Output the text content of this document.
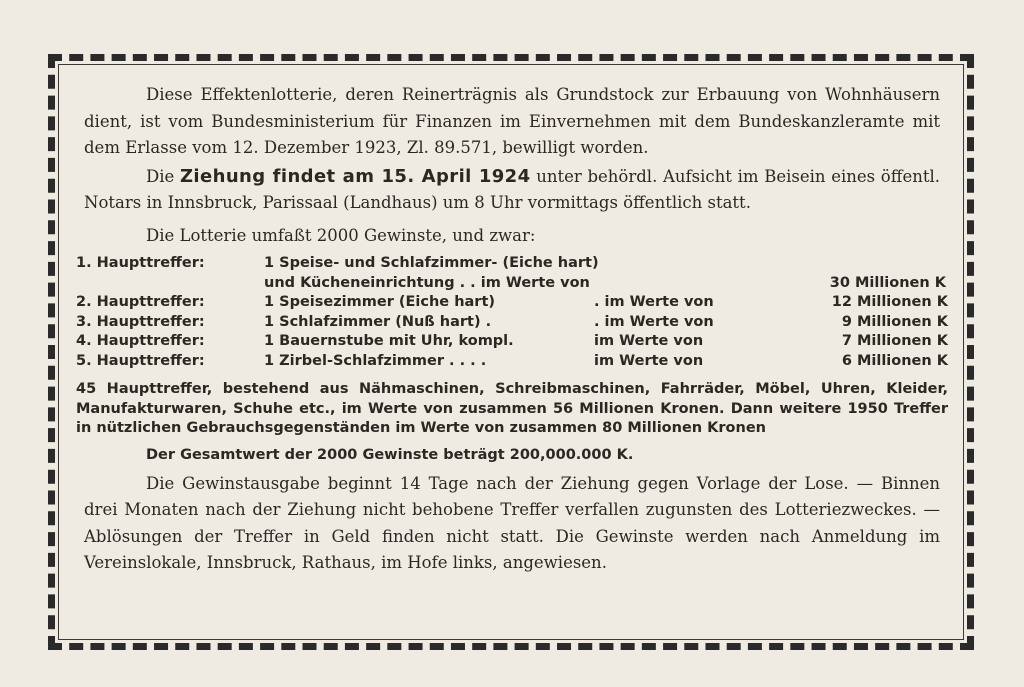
Diese Effektenlotterie, deren Reinerträgnis als Grundstock zur Erbauung von Wohnhäusern dient, ist vom Bundesministerium für Finanzen im Einvernehmen mit dem Bundeskanzleramte mit dem Erlasse vom 12. Dezember 1923, Zl. 89.571, bewilligt worden.

Die Ziehung findet am 15. April 1924 unter behördl. Aufsicht im Beisein eines öffentl. Notars in Innsbruck, Parissaal (Landhaus) um 8 Uhr vormittags öffentlich statt.

Die Lotterie umfaßt 2000 Gewinste, und zwar:

1. Haupttreffer:	1 Speise- und Schlafzimmer- (Eiche hart)
und Kücheneinrichtung . . im Werte von	30 Millionen K
2. Haupttreffer:	1 Speisezimmer (Eiche hart)	. im Werte von	12 Millionen K
3. Haupttreffer:	1 Schlafzimmer (Nuß hart) .	. im Werte von	9 Millionen K
4. Haupttreffer:	1 Bauernstube mit Uhr, kompl.	im Werte von	7 Millionen K
5. Haupttreffer:	1 Zirbel-Schlafzimmer . . . .	im Werte von	6 Millionen K
45 Haupttreffer, bestehend aus Nähmaschinen, Schreibmaschinen, Fahrräder, Möbel, Uhren, Kleider, Manufakturwaren, Schuhe etc., im Werte von zusammen 56 Millionen Kronen. Dann weitere 1950 Treffer in nützlichen Gebrauchsgegenständen im Werte von zusammen 80 Millionen Kronen
Der Gesamtwert der 2000 Gewinste beträgt 200,000.000 K.

Die Gewinstausgabe beginnt 14 Tage nach der Ziehung gegen Vorlage der Lose. — Binnen drei Monaten nach der Ziehung nicht behobene Treffer verfallen zugunsten des Lotteriezweckes. — Ablösungen der Treffer in Geld finden nicht statt. Die Gewinste werden nach Anmeldung im Vereinslokale, Innsbruck, Rathaus, im Hofe links, angewiesen.
